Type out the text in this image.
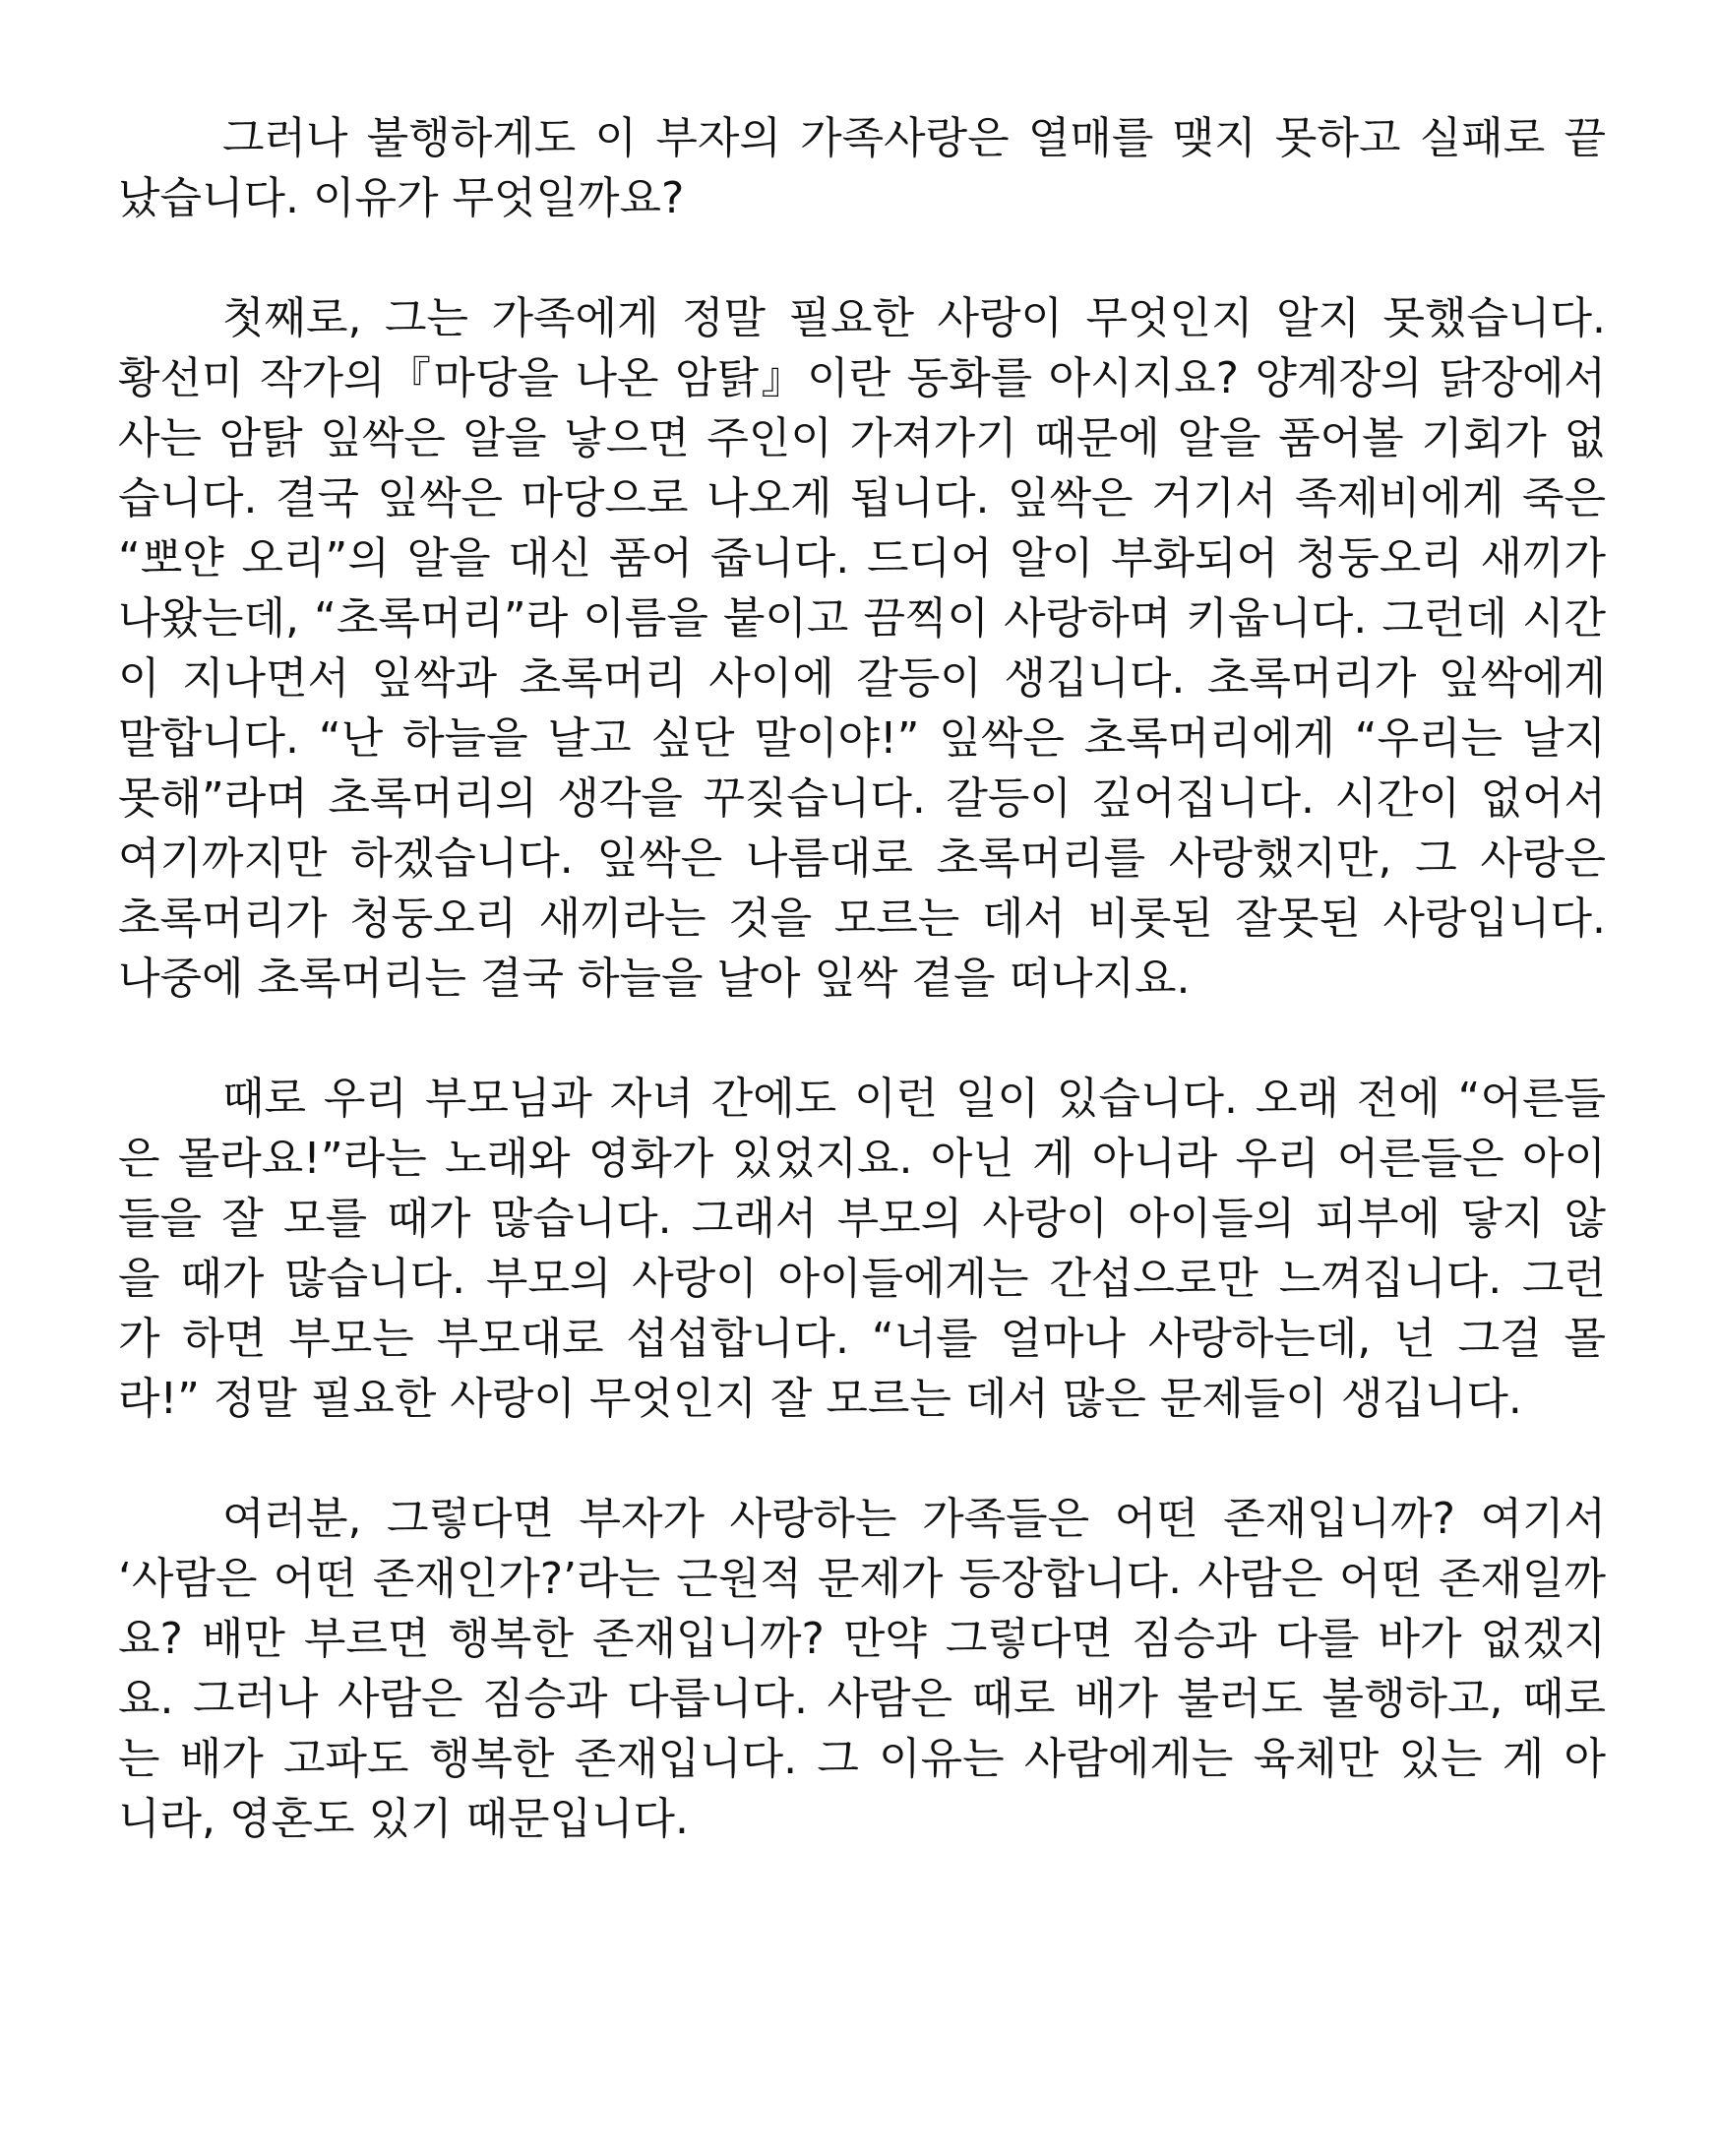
그러나 불행하게도 이 부자의 가족사랑은 열매를 맺지 못하고 실패로 끝
났습니다. 이유가 무엇일까요?
첫째로, 그는 가족에게 정말 필요한 사랑이 무엇인지 알지 못했습니다.
황선미 작가의『마당을 나온 암탉』이란 동화를 아시지요? 양계장의 닭장에서
사는 암탉 잎싹은 알을 낳으면 주인이 가져가기 때문에 알을 품어볼 기회가 없
습니다. 결국 잎싹은 마당으로 나오게 됩니다. 잎싹은 거기서 족제비에게 죽은
“뽀얀 오리”의 알을 대신 품어 줍니다. 드디어 알이 부화되어 청둥오리 새끼가
나왔는데, “초록머리”라 이름을 붙이고 끔찍이 사랑하며 키웁니다. 그런데 시간
이 지나면서 잎싹과 초록머리 사이에 갈등이 생깁니다. 초록머리가 잎싹에게
말합니다. “난 하늘을 날고 싶단 말이야!” 잎싹은 초록머리에게 “우리는 날지
못해”라며 초록머리의 생각을 꾸짖습니다. 갈등이 깊어집니다. 시간이 없어서
여기까지만 하겠습니다. 잎싹은 나름대로 초록머리를 사랑했지만, 그 사랑은
초록머리가 청둥오리 새끼라는 것을 모르는 데서 비롯된 잘못된 사랑입니다.
나중에 초록머리는 결국 하늘을 날아 잎싹 곁을 떠나지요.
때로 우리 부모님과 자녀 간에도 이런 일이 있습니다. 오래 전에 “어른들
은 몰라요!”라는 노래와 영화가 있었지요. 아닌 게 아니라 우리 어른들은 아이
들을 잘 모를 때가 많습니다. 그래서 부모의 사랑이 아이들의 피부에 닿지 않
을 때가 많습니다. 부모의 사랑이 아이들에게는 간섭으로만 느껴집니다. 그런
가 하면 부모는 부모대로 섭섭합니다. “너를 얼마나 사랑하는데, 넌 그걸 몰
라!” 정말 필요한 사랑이 무엇인지 잘 모르는 데서 많은 문제들이 생깁니다.
여러분, 그렇다면 부자가 사랑하는 가족들은 어떤 존재입니까? 여기서
‘사람은 어떤 존재인가?’라는 근원적 문제가 등장합니다. 사람은 어떤 존재일까
요? 배만 부르면 행복한 존재입니까? 만약 그렇다면 짐승과 다를 바가 없겠지
요. 그러나 사람은 짐승과 다릅니다. 사람은 때로 배가 불러도 불행하고, 때로
는 배가 고파도 행복한 존재입니다. 그 이유는 사람에게는 육체만 있는 게 아
니라, 영혼도 있기 때문입니다.
